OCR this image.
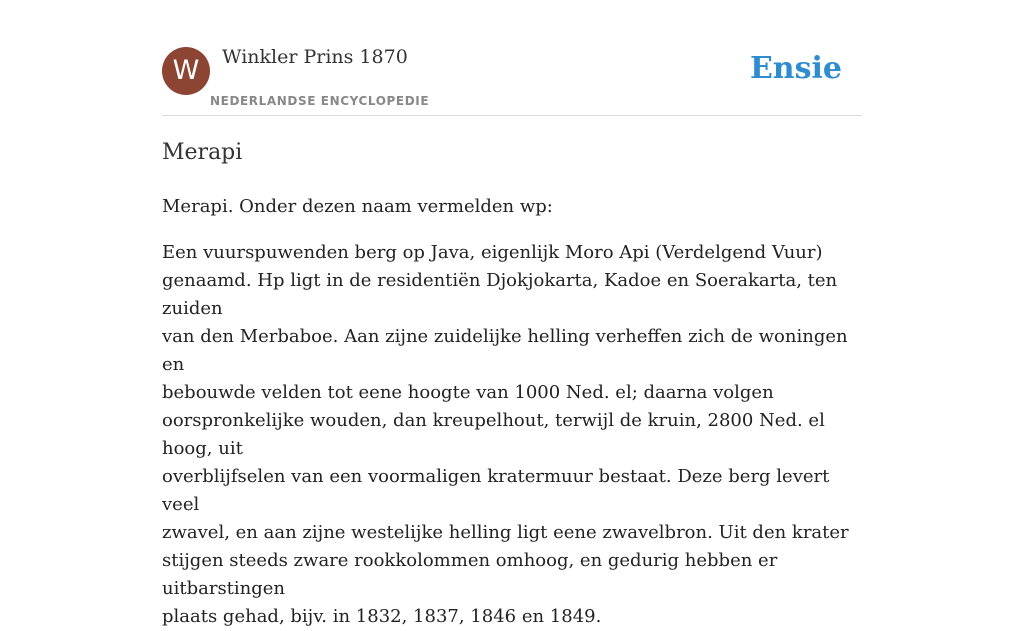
W	Winkler Prins 1870
NEDERLANDSE ENCYCLOPEDIE
Ensie
Merapi

Merapi. Onder dezen naam vermelden wp:

Een vuurspuwenden berg op Java, eigenlijk Moro Api (Verdelgend Vuur)
genaamd. Hp ligt in de residentiën Djokjokarta, Kadoe en Soerakarta, ten zuiden
van den Merbaboe. Aan zijne zuidelijke helling verheffen zich de woningen en
bebouwde velden tot eene hoogte van 1000 Ned. el; daarna volgen
oorspronkelijke wouden, dan kreupelhout, terwijl de kruin, 2800 Ned. el hoog, uit
overblijfselen van een voormaligen kratermuur bestaat. Deze berg levert veel
zwavel, en aan zijne westelijke helling ligt eene zwavelbron. Uit den krater
stijgen steeds zware rookkolommen omhoog, en gedurig hebben er uitbarstingen
plaats gehad, bijv. in 1832, 1837, 1846 en 1849.
